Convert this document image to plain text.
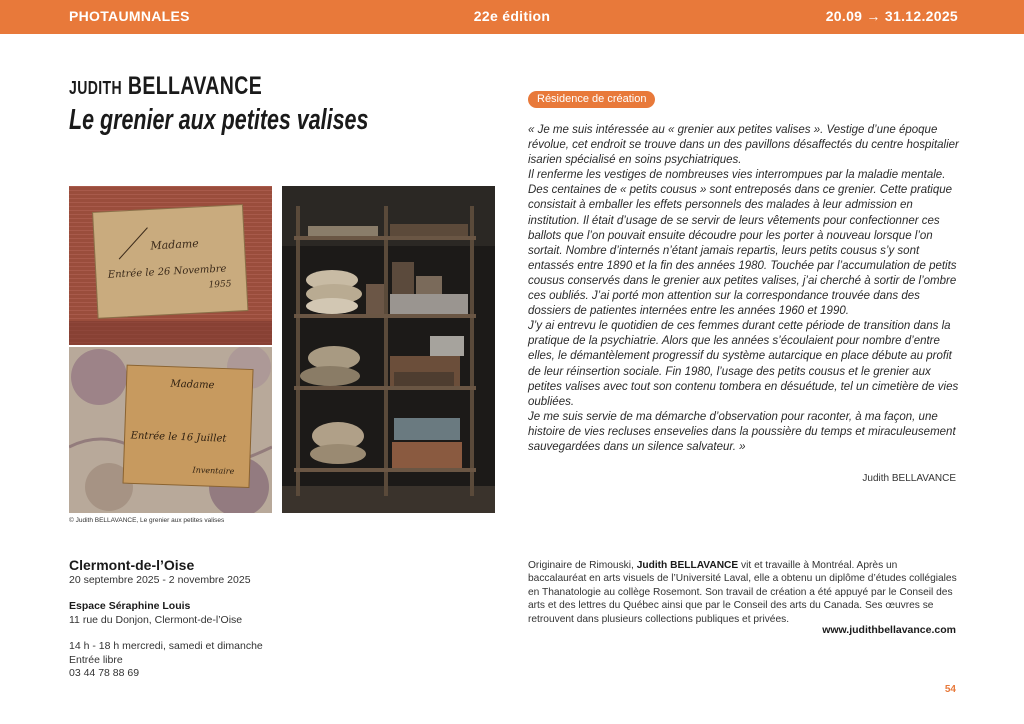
PHOTAUMNALES	22e édition	20.09 → 31.12.2025
JUDITH BELLAVANCE
Le grenier aux petites valises
Madame
Entrée le 26 Novembre
1955
Madame
Entrée le 16 Juillet
Inventaire
© Judith BELLAVANCE, Le grenier aux petites valises
Résidence de création

« Je me suis intéressée au « grenier aux petites valises ». Vestige d’une époque révolue, cet endroit se trouve dans un des pavillons désaffectés du centre hospitalier isarien spécialisé en soins psychiatriques.

Il renferme les vestiges de nombreuses vies interrompues par la maladie mentale. Des centaines de « petits cousus » sont entreposés dans ce grenier. Cette pratique consistait à emballer les effets personnels des malades à leur admission en institution. Il était d’usage de se servir de leurs vêtements pour confectionner ces ballots que l’on pouvait ensuite découdre pour les porter à nouveau lorsque l’on sortait. Nombre d’internés n’étant jamais repartis, leurs petits cousus s’y sont entassés entre 1890 et la fin des années 1980. Touchée par l’accumulation de petits cousus conservés dans le grenier aux petites valises, j’ai cherché à sortir de l’ombre ces oubliés. J’ai porté mon attention sur la correspondance trouvée dans des dossiers de patientes internées entre les années 1960 et 1990.

J’y ai entrevu le quotidien de ces femmes durant cette période de transition dans la pratique de la psychiatrie. Alors que les années s’écoulaient pour nombre d’entre elles, le démantèlement progressif du système autarcique en place débute au profit de leur réinsertion sociale. Fin 1980, l’usage des petits cousus et le grenier aux petites valises avec tout son contenu tombera en désuétude, tel un cimetière de vies oubliées.

Je me suis servie de ma démarche d’observation pour raconter, à ma façon, une histoire de vies recluses ensevelies dans la poussière du temps et miraculeusement sauvegardées dans un silence salvateur. »

Judith BELLAVANCE
Clermont-de-l’Oise
20 septembre 2025 - 2 novembre 2025
Espace Séraphine Louis
11 rue du Donjon, Clermont-de-l’Oise
14 h - 18 h mercredi, samedi et dimanche
Entrée libre
03 44 78 88 69
Originaire de Rimouski, Judith BELLAVANCE vit et travaille à Montréal. Après un baccalauréat en arts visuels de l’Université Laval, elle a obtenu un diplôme d’études collégiales en Thanatologie au collège Rosemont. Son travail de création a été appuyé par le Conseil des arts et des lettres du Québec ainsi que par le Conseil des arts du Canada. Ses œuvres se retrouvent dans plusieurs collections publiques et privées.
www.judithbellavance.com
54
